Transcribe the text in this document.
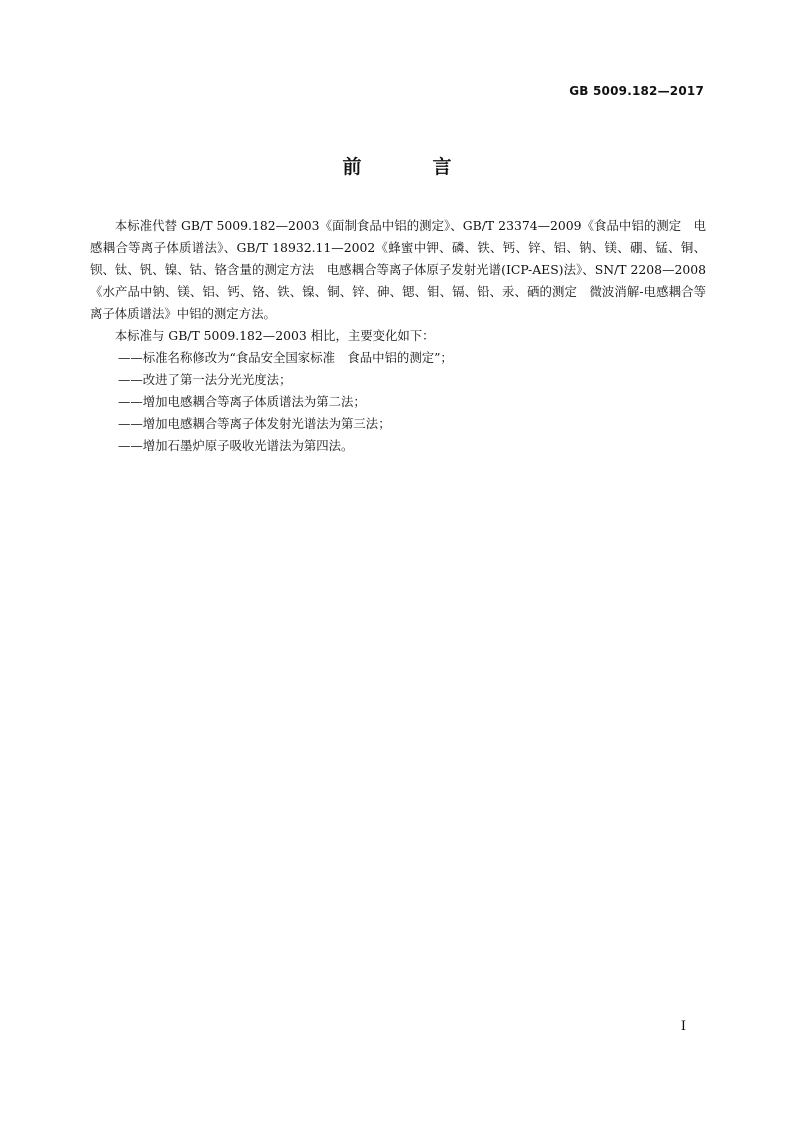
GB 5009.182—2017
前　言

本标准代替 GB/T 5009.182—2003《面制食品中铝的测定》、GB/T 23374—2009《食品中铝的测定　电感耦合等离子体质谱法》、GB/T 18932.11—2002《蜂蜜中钾、磷、铁、钙、锌、铝、钠、镁、硼、锰、铜、钡、钛、钒、镍、钴、铬含量的测定方法　电感耦合等离子体原子发射光谱(ICP-AES)法》、SN/T 2208—2008《水产品中钠、镁、铝、钙、铬、铁、镍、铜、锌、砷、锶、钼、镉、铅、汞、硒的测定　微波消解-电感耦合等离子体质谱法》中铝的测定方法。

本标准与 GB/T 5009.182—2003 相比，主要变化如下：

——标准名称修改为“食品安全国家标准　食品中铝的测定”；

——改进了第一法分光光度法；

——增加电感耦合等离子体质谱法为第二法；

——增加电感耦合等离子体发射光谱法为第三法；

——增加石墨炉原子吸收光谱法为第四法。

I
